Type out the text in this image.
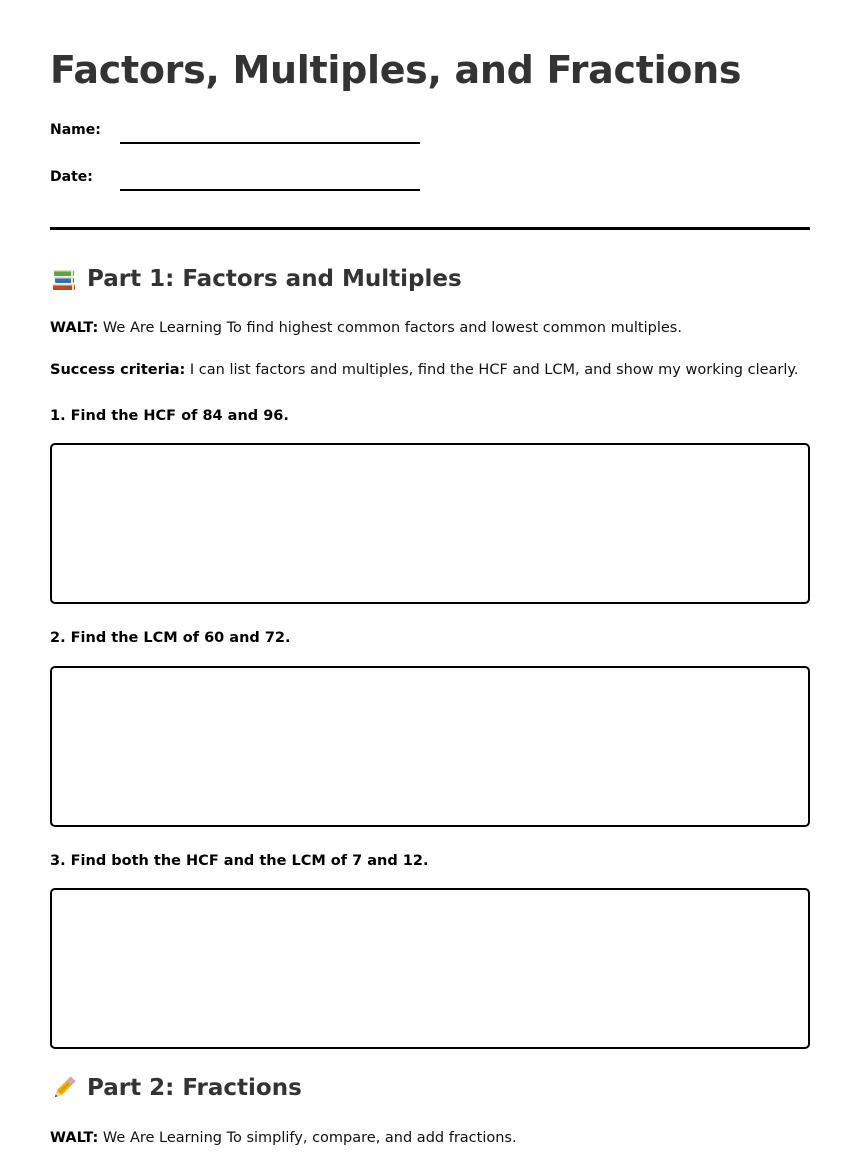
Factors, Multiples, and Fractions
Name:
Date:
Part 1: Factors and Multiples

WALT: We Are Learning To find highest common factors and lowest common multiples.

Success criteria: I can list factors and multiples, find the HCF and LCM, and show my working clearly.

1. Find the HCF of 84 and 96.

2. Find the LCM of 60 and 72.

3. Find both the HCF and the LCM of 7 and 12.

Part 2: Fractions

WALT: We Are Learning To simplify, compare, and add fractions.
